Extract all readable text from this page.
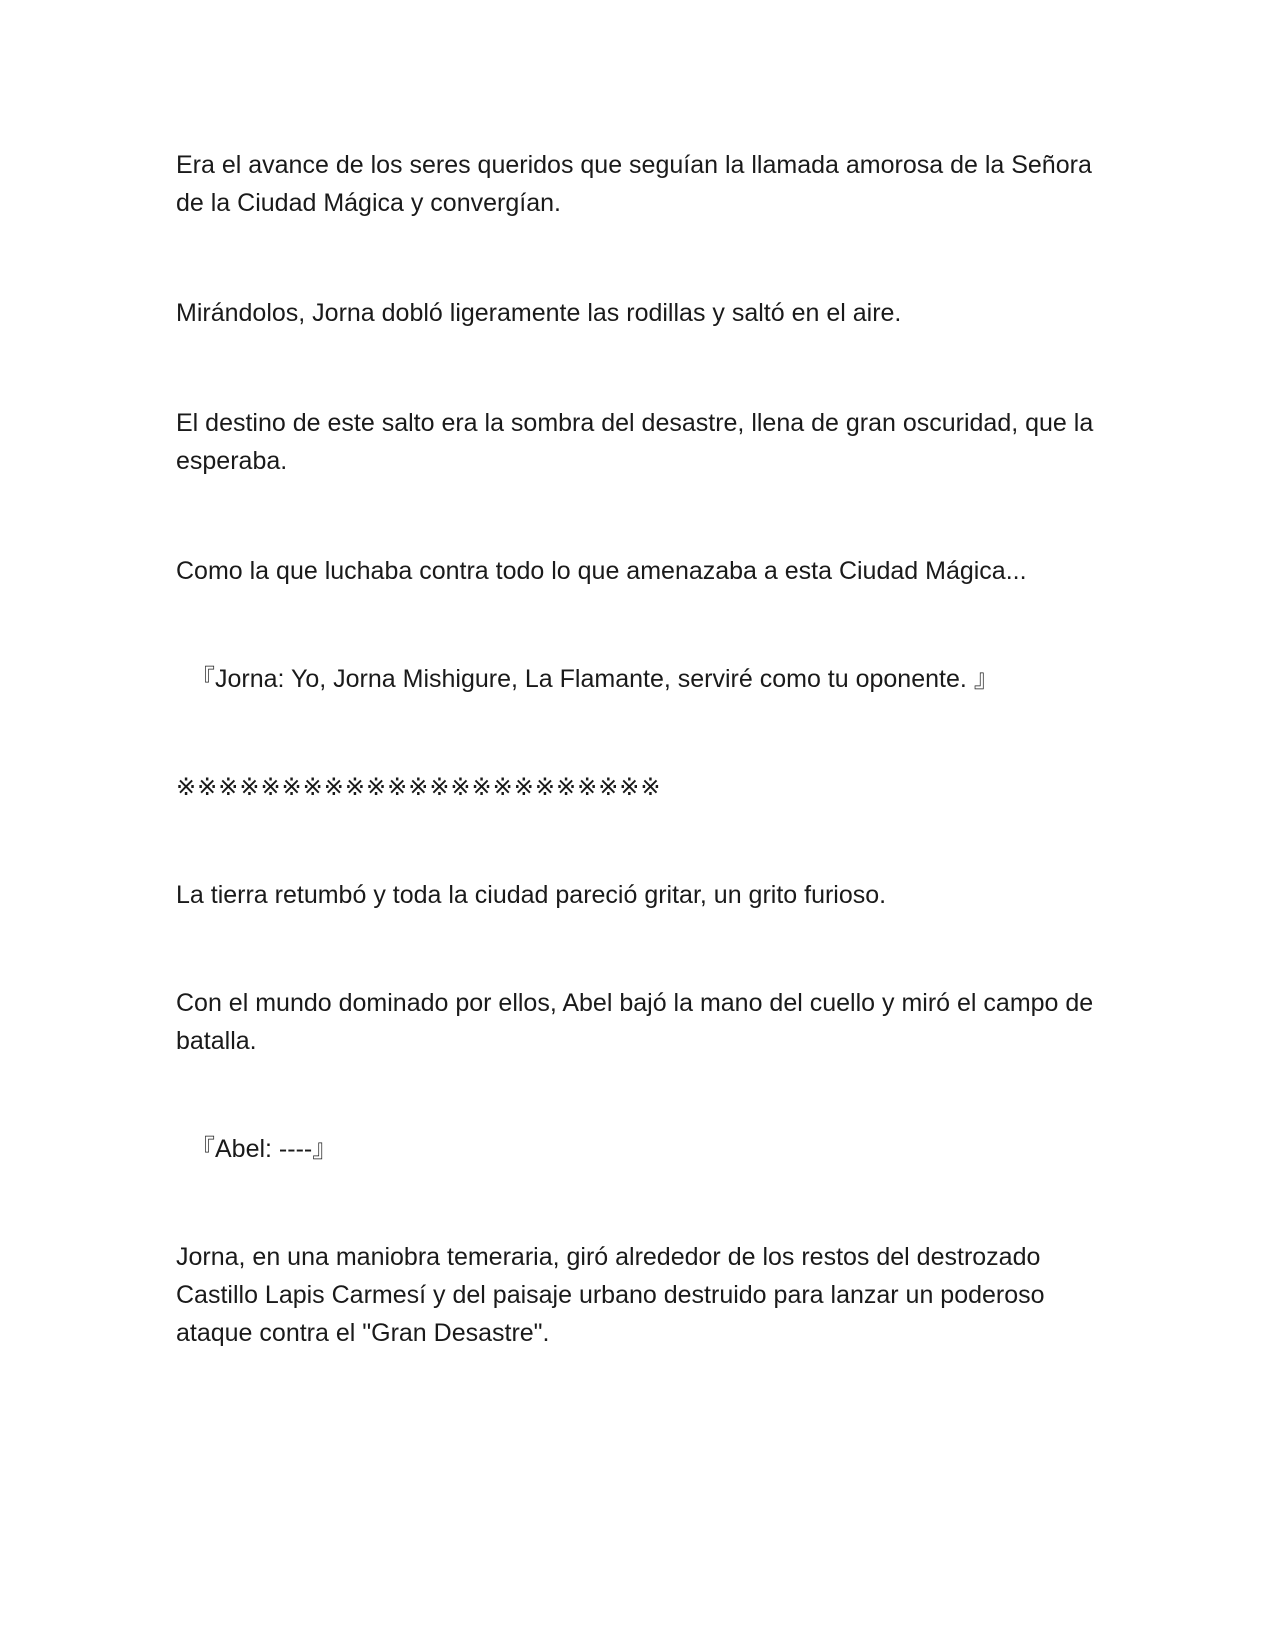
Era el avance de los seres queridos que seguían la llamada amorosa de la Señora de la Ciudad Mágica y convergían.

Mirándolos, Jorna dobló ligeramente las rodillas y saltó en el aire.

El destino de este salto era la sombra del desastre, llena de gran oscuridad, que la esperaba.

Como la que luchaba contra todo lo que amenazaba a esta Ciudad Mágica...

『Jorna: Yo, Jorna Mishigure, La Flamante, serviré como tu oponente. 』

※※※※※※※※※※※※※※※※※※※※※※※

La tierra retumbó y toda la ciudad pareció gritar, un grito furioso.

Con el mundo dominado por ellos, Abel bajó la mano del cuello y miró el campo de batalla.

『Abel: ----』

Jorna, en una maniobra temeraria, giró alrededor de los restos del destrozado Castillo Lapis Carmesí y del paisaje urbano destruido para lanzar un poderoso ataque contra el "Gran Desastre".
